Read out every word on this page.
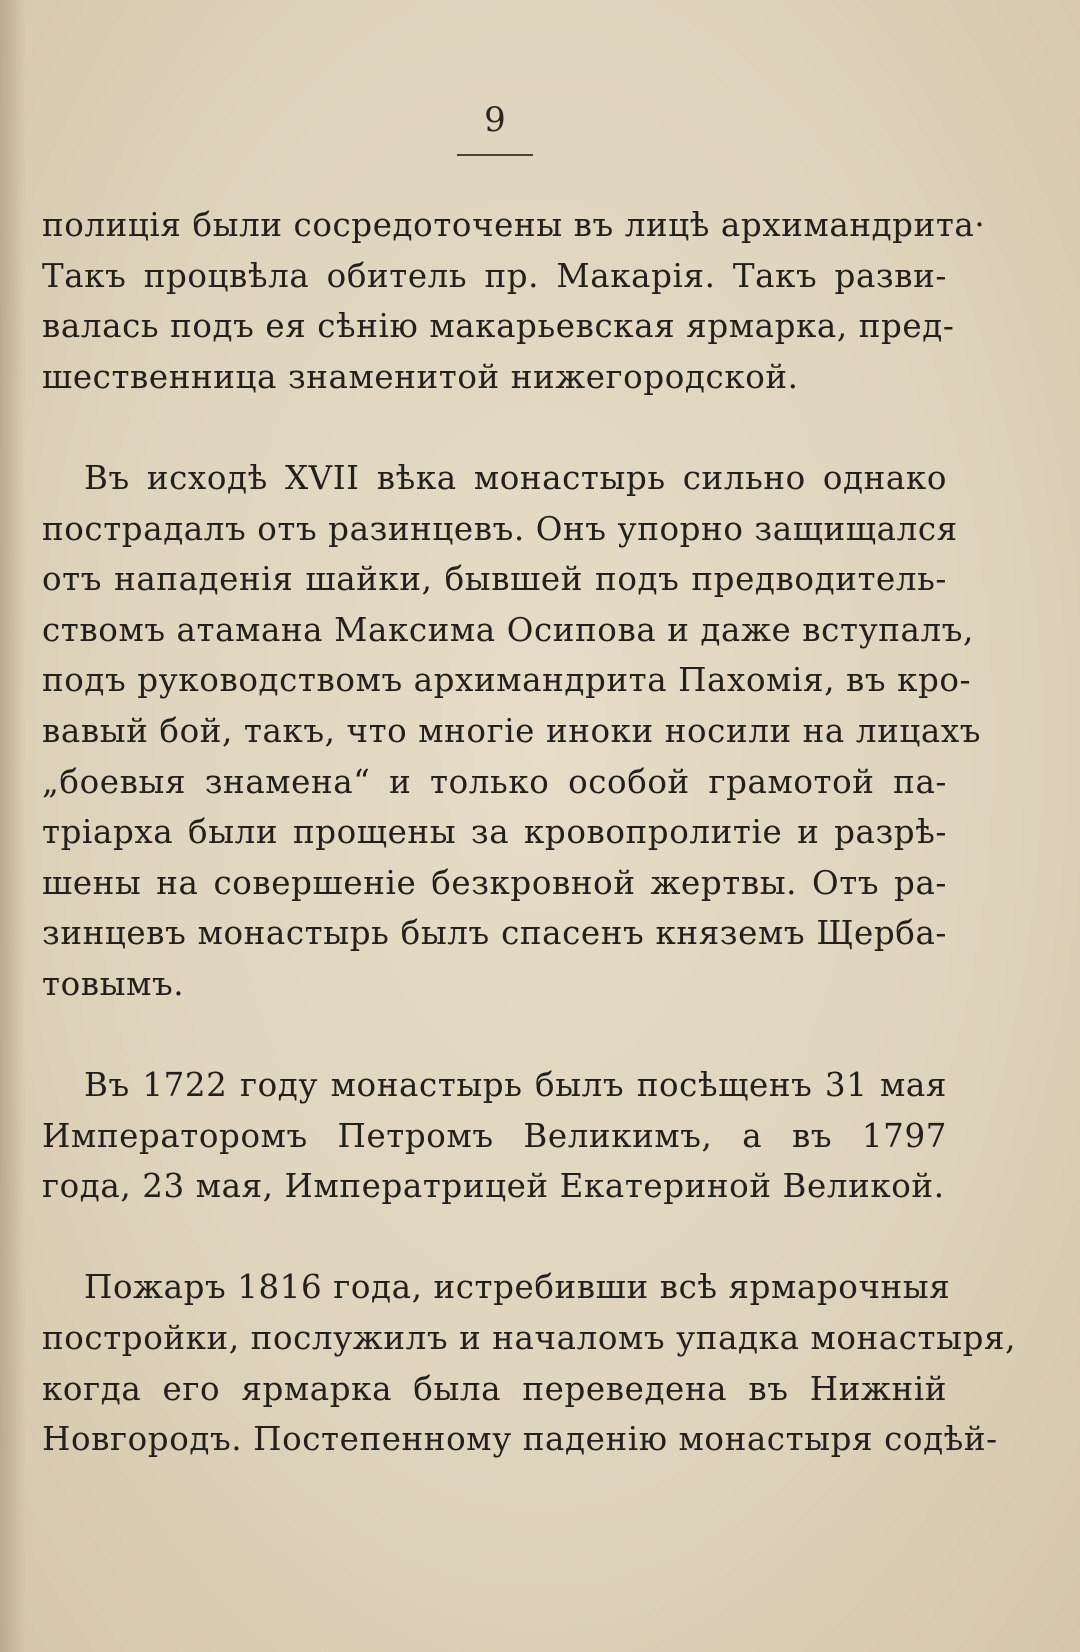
9

полиція были сосредоточены въ лицѣ архимандрита·
Такъ процвѣла обитель пр. Макарія. Такъ разви-
валась подъ ея сѣнію макарьевская ярмарка, пред-
шественница знаменитой нижегородской.

Въ исходѣ XVII вѣка монастырь сильно однако
пострадалъ отъ разинцевъ. Онъ упорно защищался
отъ нападенія шайки, бывшей подъ предводитель-
ствомъ атамана Максима Осипова и даже вступалъ,
подъ руководствомъ архимандрита Пахомія, въ кро-
вавый бой, такъ, что многіе иноки носили на лицахъ
„боевыя знамена“ и только особой грамотой па-
тріарха были прощены за кровопролитіе и разрѣ-
шены на совершеніе безкровной жертвы. Отъ ра-
зинцевъ монастырь былъ спасенъ княземъ Щерба-
товымъ.

Въ 1722 году монастырь былъ посѣщенъ 31 мая
Императоромъ Петромъ Великимъ, а въ 1797
года, 23 мая, Императрицей Екатериной Великой.

Пожаръ 1816 года, истребивши всѣ ярмарочныя
постройки, послужилъ и началомъ упадка монастыря,
когда его ярмарка была переведена въ Нижній
Новгородъ. Постепенному паденію монастыря содѣй-
